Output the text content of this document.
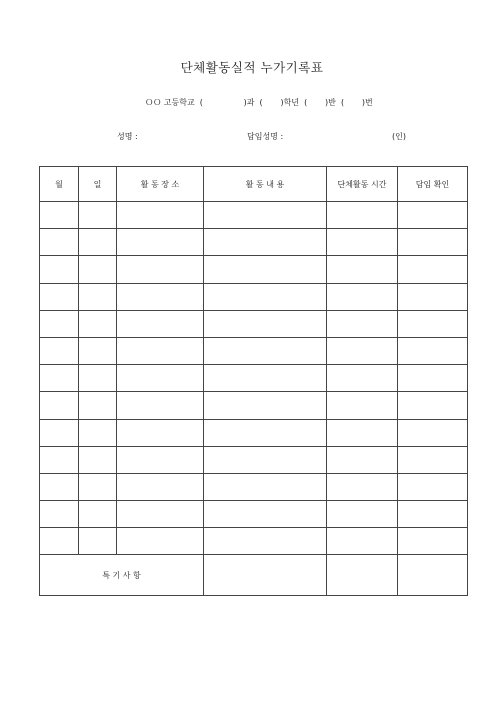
단체활동실적 누가기록표
ＯＯ 고등학교  (                )과  (       )학년  (       )반  (       )번

성명 :

	담임성명 :

	(인)

월	일	활 동 장 소	활 동 내 용	단체활동 시간	담임 확인

특 기 사 항					
